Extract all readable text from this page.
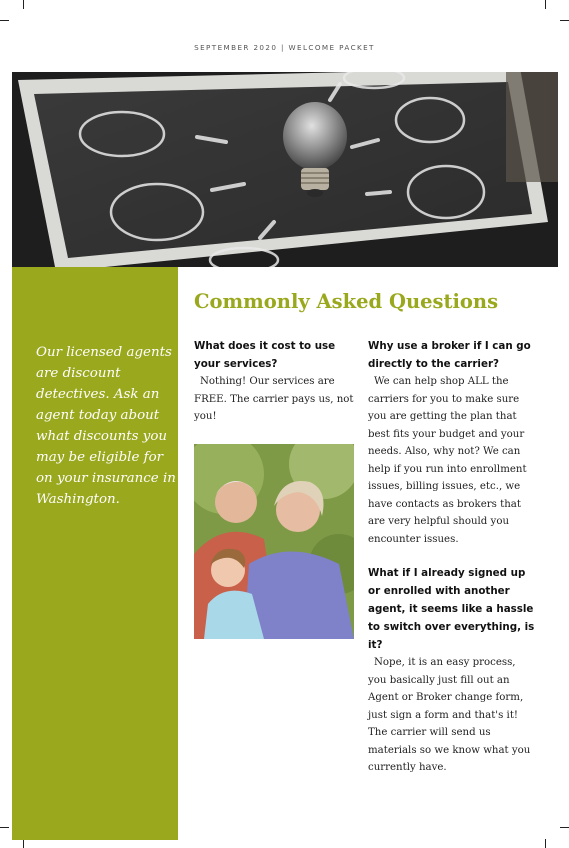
SEPTEMBER 2020 | WELCOME PACKET
Our licensed agents are discount detectives. Ask an agent today about what discounts you may be eligible for on your insurance in Washington.
Commonly Asked Questions
What does it cost to use your services?
Nothing! Our services are FREE. The carrier pays us, not you!
Why use a broker if I can go directly to the carrier?
We can help shop ALL the carriers for you to make sure you are getting the plan that best fits your budget and your needs. Also, why not? We can help if you run into enrollment issues, billing issues, etc., we have contacts as brokers that are very helpful should you encounter issues.
What if I already signed up or enrolled with another agent, it seems like a hassle to switch over everything, is it?
Nope, it is an easy process, you basically just fill out an Agent or Broker change form, just sign a form and that's it! The carrier will send us materials so we know what you currently have.
